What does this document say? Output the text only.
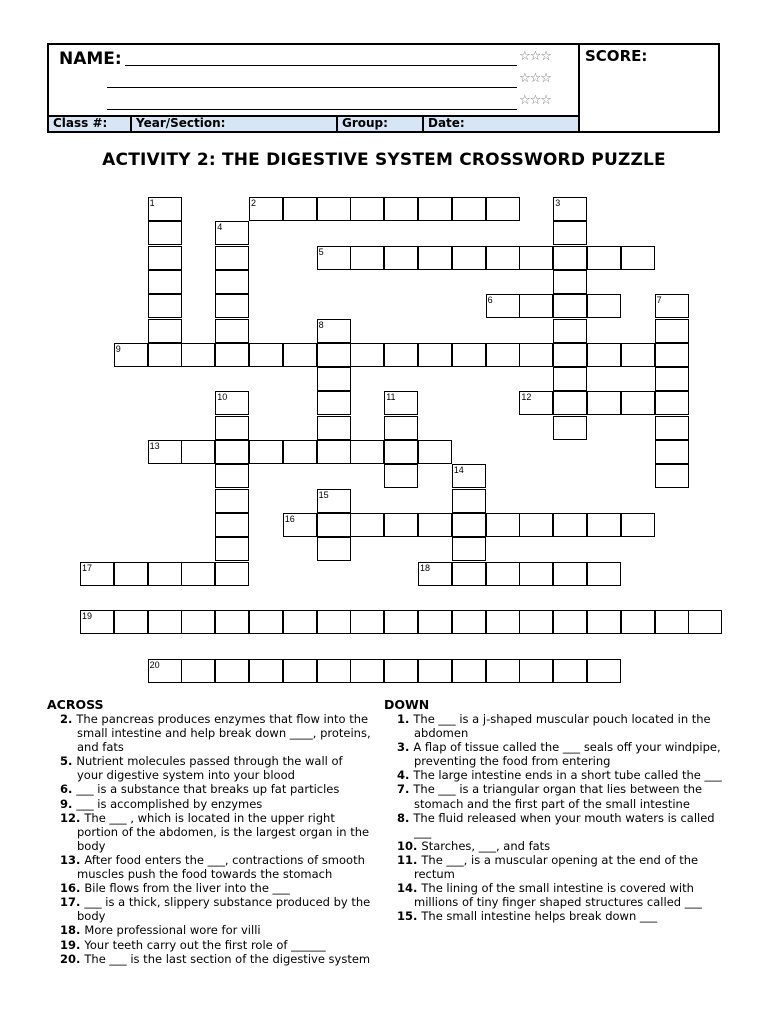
NAME:	☆☆☆
☆☆☆
☆☆☆
SCORE:
Class #:	Year/Section:	Group:	Date:
ACTIVITY 2: THE DIGESTIVE SYSTEM CROSSWORD PUZZLE
1	2	3
4
5
6	7
8
9
10	11	12
13
14
15
16
17	18
19
20
ACROSS
2. The pancreas produces enzymes that flow into the small intestine and help break down ____, proteins, and fats
5. Nutrient molecules passed through the wall of your digestive system into your blood
6. ___ is a substance that breaks up fat particles
9. ___ is accomplished by enzymes
12. The ___ , which is located in the upper right portion of the abdomen, is the largest organ in the body
13. After food enters the ___, contractions of smooth muscles push the food towards the stomach
16. Bile flows from the liver into the ___
17. ___ is a thick, slippery substance produced by the body
18. More professional wore for villi
19. Your teeth carry out the first role of ______
20. The ___ is the last section of the digestive system
DOWN
1. The ___ is a j-shaped muscular pouch located in the abdomen
3. A flap of tissue called the ___ seals off your windpipe, preventing the food from entering
4. The large intestine ends in a short tube called the ___
7. The ___ is a triangular organ that lies between the stomach and the first part of the small intestine
8. The fluid released when your mouth waters is called ___
10. Starches, ___, and fats
11. The ___, is a muscular opening at the end of the rectum
14. The lining of the small intestine is covered with millions of tiny finger shaped structures called ___
15. The small intestine helps break down ___
